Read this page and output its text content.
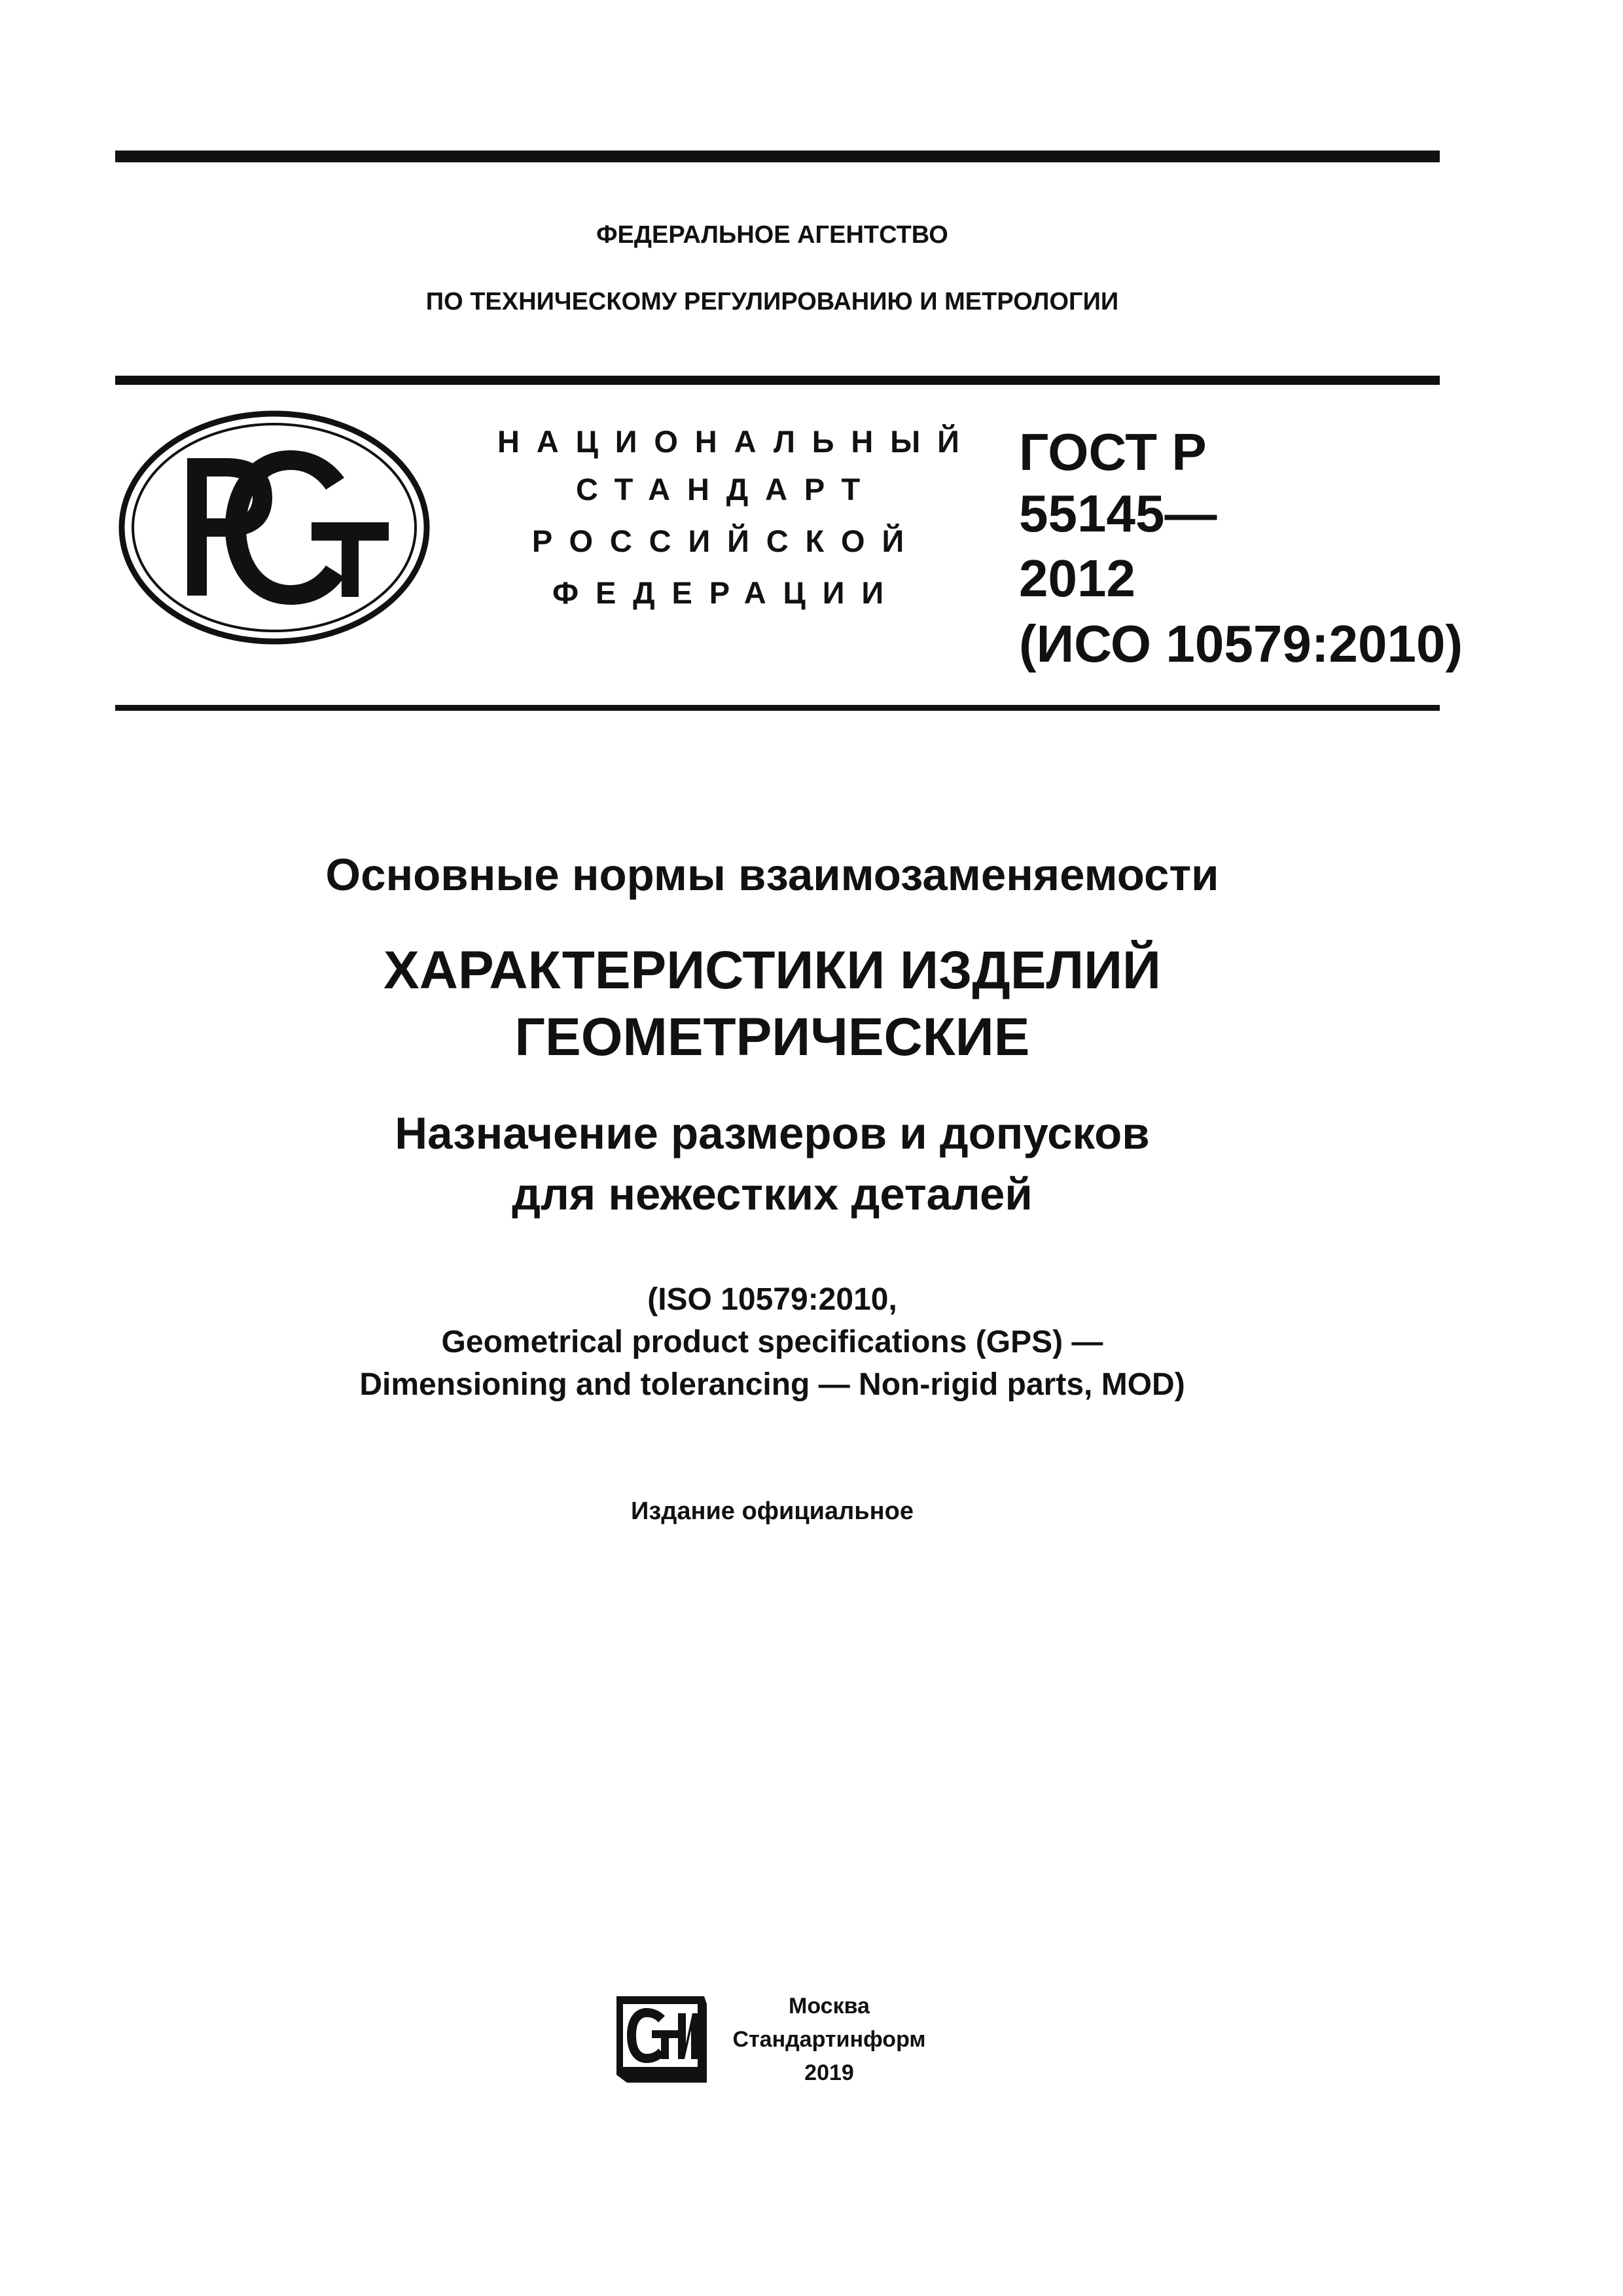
ФЕДЕРАЛЬНОЕ АГЕНТСТВО
ПО ТЕХНИЧЕСКОМУ РЕГУЛИРОВАНИЮ И МЕТРОЛОГИИ
РСТ
НАЦИОНАЛЬНЫЙ
СТАНДАРТ
РОССИЙСКОЙ
ФЕДЕРАЦИИ
ГОСТ Р
55145—
2012
(ИСО 10579:2010)
Основные нормы взаимозаменяемости
ХАРАКТЕРИСТИКИ ИЗДЕЛИЙ
ГЕОМЕТРИЧЕСКИЕ
Назначение размеров и допусков
для нежестких деталей
(ISO 10579:2010,
Geometrical product specifications (GPS) —
Dimensioning and tolerancing — Non-rigid parts, MOD)
Издание официальное
СИ	Москва
Стандартинформ
2019
